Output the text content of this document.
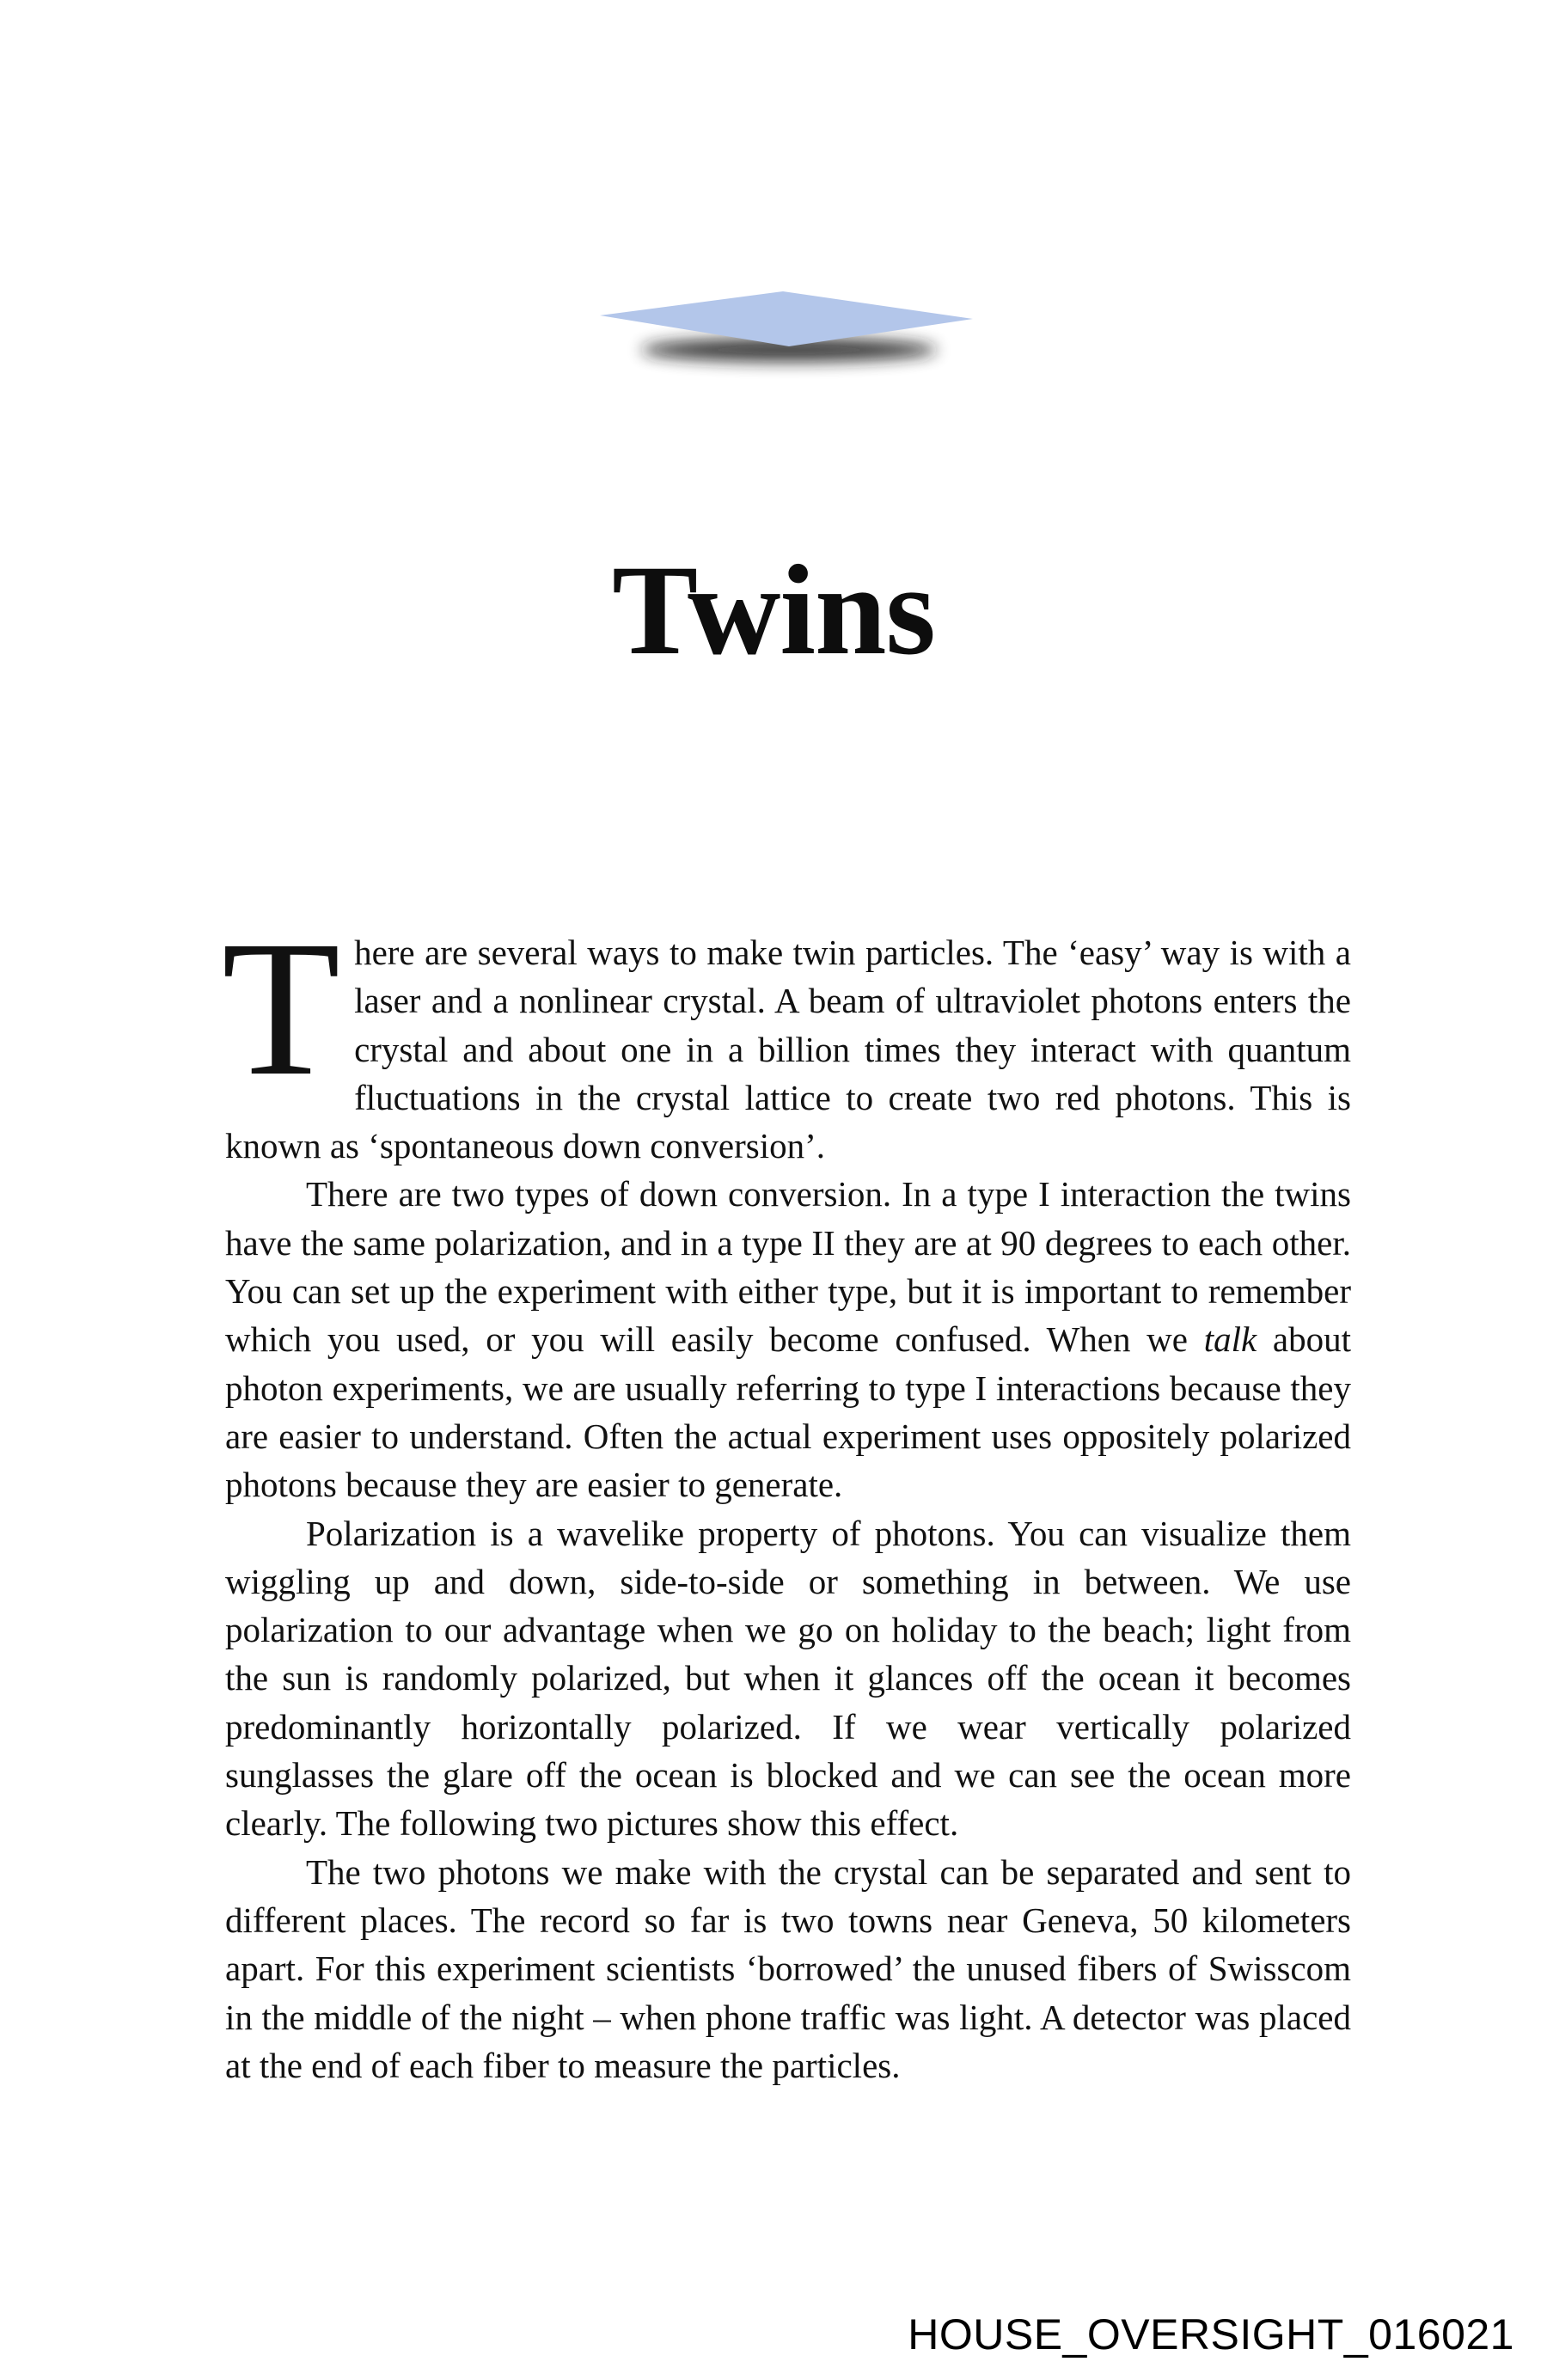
Twins

There are several ways to make twin particles. The ‘easy’ way is with a laser and a nonlinear crystal. A beam of ultraviolet photons enters the crystal and about one in a billion times they interact with quantum fluctuations in the crystal lattice to create two red photons. This is known as ‘spontaneous down conversion’.

There are two types of down conversion. In a type I interaction the twins have the same polarization, and in a type II they are at 90 degrees to each other. You can set up the experiment with either type, but it is important to remember which you used, or you will easily become confused. When we talk about photon experiments, we are usually referring to type I interactions because they are easier to understand. Often the actual experiment uses oppositely polarized photons because they are easier to generate.

Polarization is a wavelike property of photons. You can visualize them wiggling up and down, side-to-side or something in between. We use polarization to our advantage when we go on holiday to the beach; light from the sun is randomly polarized, but when it glances off the ocean it becomes predominantly horizontally polarized. If we wear vertically polarized sunglasses the glare off the ocean is blocked and we can see the ocean more clearly. The following two pictures show this effect.

The two photons we make with the crystal can be separated and sent to different places. The record so far is two towns near Geneva, 50 kilometers apart. For this experiment scientists ‘borrowed’ the unused fibers of Swisscom in the middle of the night – when phone traffic was light. A detector was placed at the end of each fiber to measure the particles.

HOUSE_OVERSIGHT_016021
